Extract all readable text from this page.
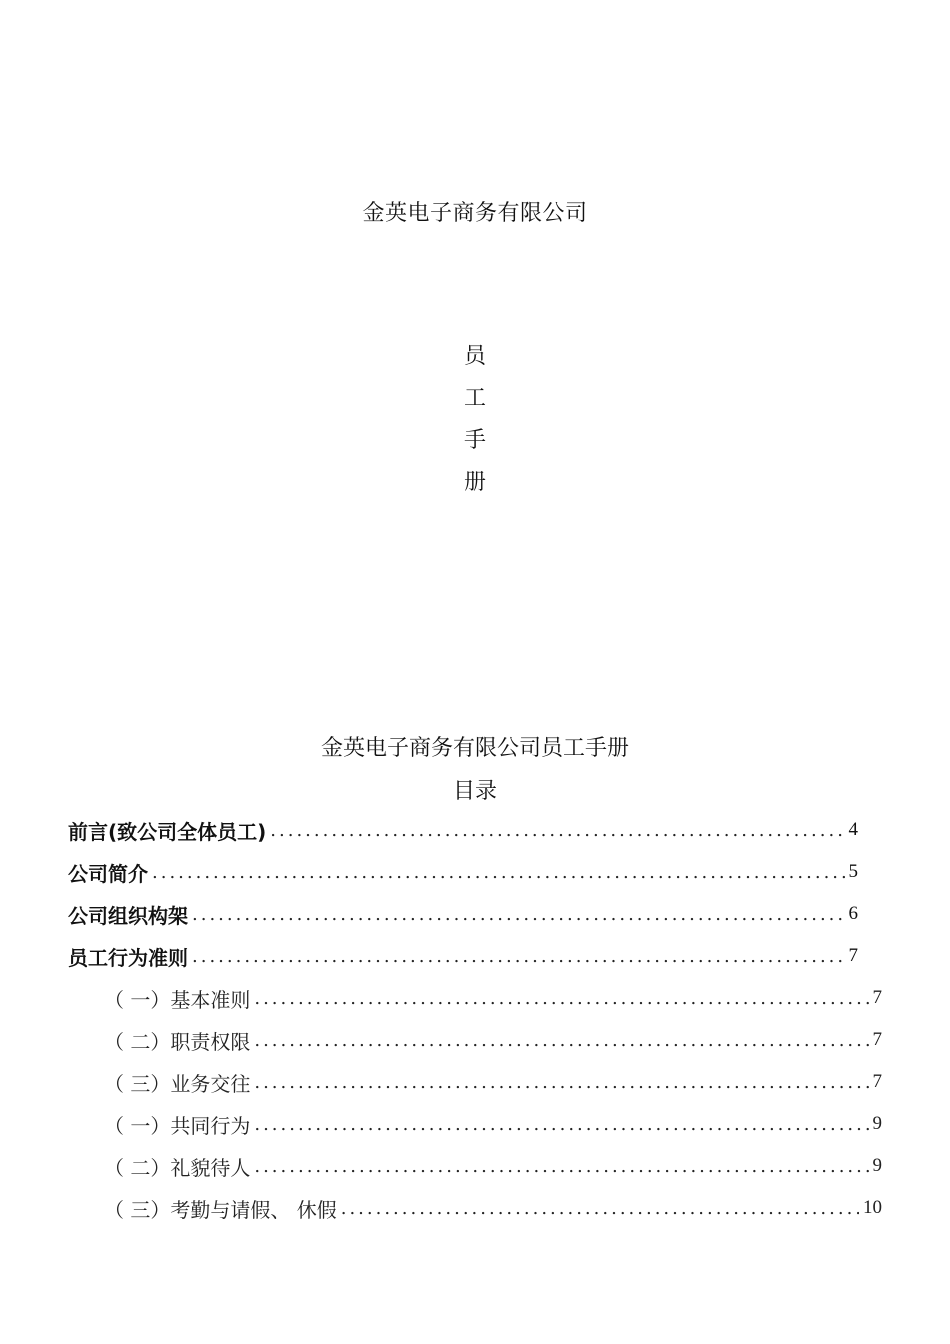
金英电子商务有限公司
员
工
手
册
金英电子商务有限公司员工手册
目录
前言(致公司全体员工) .....	4
公司简介 .....	5
公司组织构架 .....	6
员工行为准则 .....	7
（ 一） 基本准则 .....	7
（ 二） 职责权限 .....	7
（ 三） 业务交往 .....	7
（ 一） 共同行为 .....	9
（ 二） 礼貌待人 .....	9
（ 三） 考勤与请假、 休假 .....	10
